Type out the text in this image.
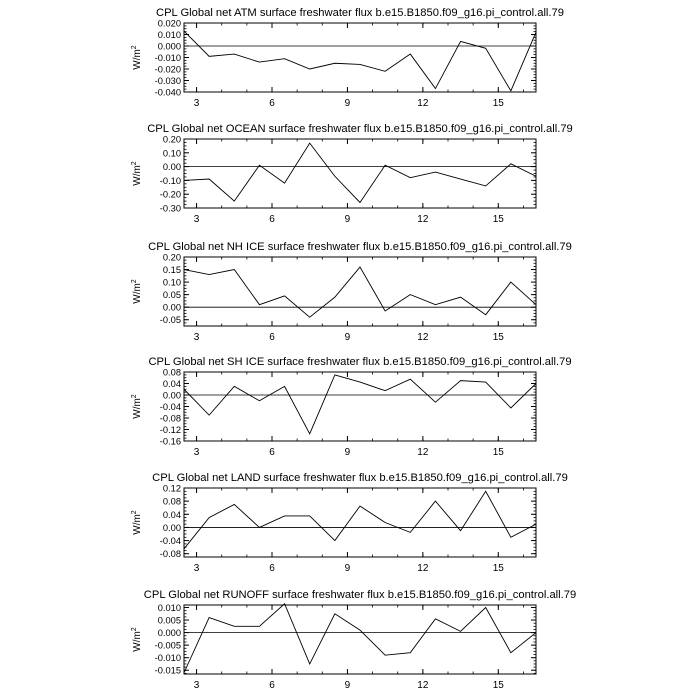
CPL Global net ATM surface freshwater flux b.e15.B1850.f09_g16.pi_control.all.79
3	6	9	12	15
0.020
0.010
0.000
-0.010
-0.020
-0.030
-0.040
$W/m^2$
CPL Global net OCEAN surface freshwater flux b.e15.B1850.f09_g16.pi_control.all.79
3	6	9	12	15
0.20
0.10
0.00
-0.10
-0.20
-0.30
$W/m^2$
CPL Global net NH ICE surface freshwater flux b.e15.B1850.f09_g16.pi_control.all.79
3	6	9	12	15
0.20
0.15
0.10
0.05
0.00
-0.05
$W/m^2$
CPL Global net SH ICE surface freshwater flux b.e15.B1850.f09_g16.pi_control.all.79
3	6	9	12	15
0.08
0.04
0.00
-0.04
-0.08
-0.12
-0.16
$W/m^2$
CPL Global net LAND surface freshwater flux b.e15.B1850.f09_g16.pi_control.all.79
3	6	9	12	15
0.12
0.08
0.04
0.00
-0.04
-0.08
$W/m^2$
CPL Global net RUNOFF surface freshwater flux b.e15.B1850.f09_g16.pi_control.all.79
3	6	9	12	15
0.010
0.005
0.000
-0.005
-0.010
-0.015
$W/m^2$
